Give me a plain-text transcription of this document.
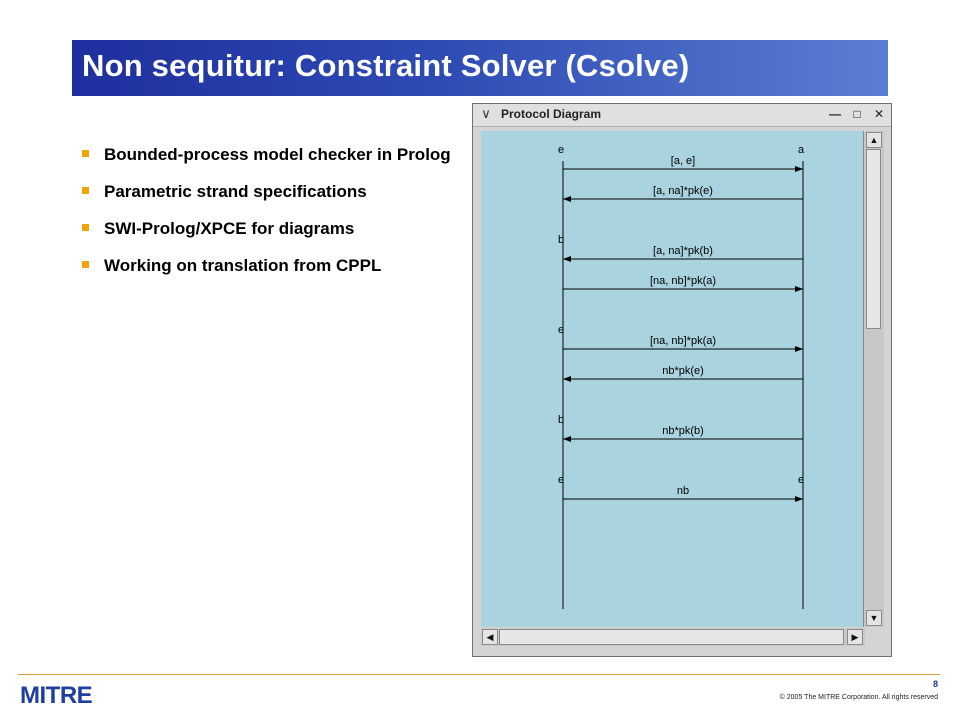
Non sequitur: Constraint Solver (Csolve)
Bounded-process model checker in Prolog
Parametric strand specifications
SWI-Prolog/XPCE for diagrams
Working on translation from CPPL
∨ Protocol Diagram	—	□	✕
e	a
b
e
b
e	e
[a, e]
[a, na]*pk(e)
[a, na]*pk(b)
[na, nb]*pk(a)
[na, nb]*pk(a)
nb*pk(e)
nb*pk(b)
nb
▲
▼
◀	▶
8
MITRE	© 2005 The MITRE Corporation. All rights reserved
